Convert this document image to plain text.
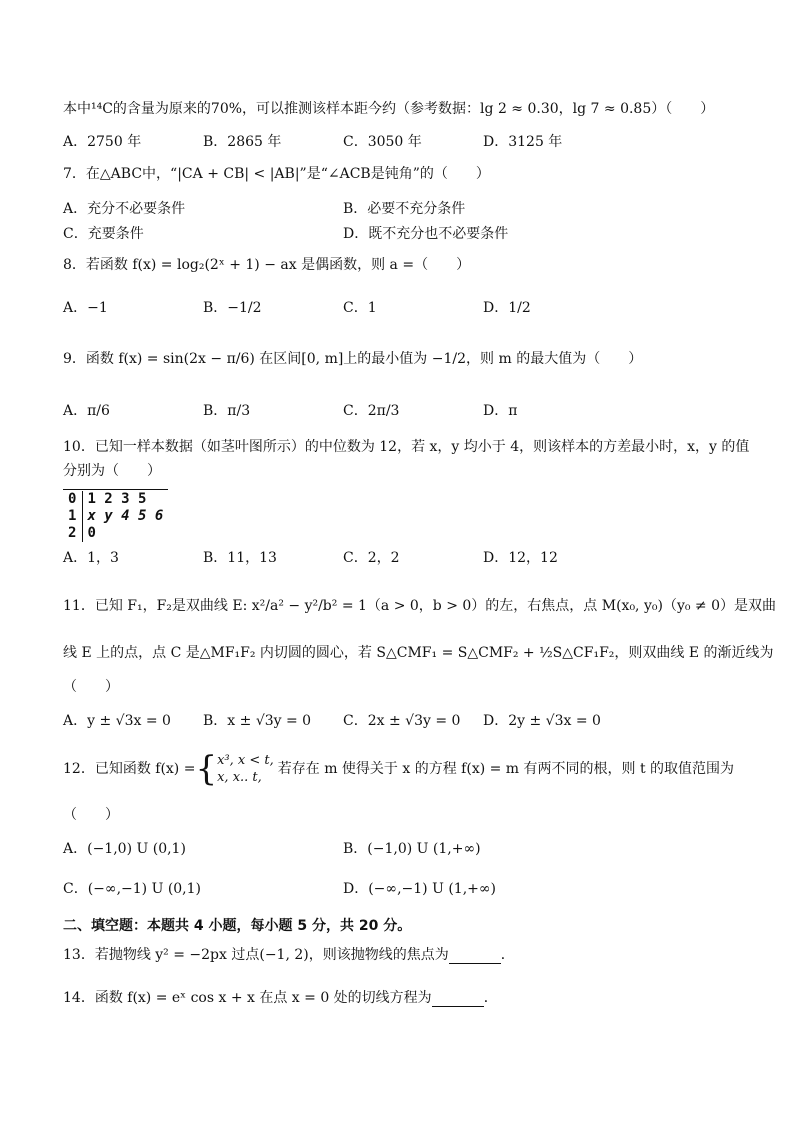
本中¹⁴C的含量为原来的70%，可以推测该样本距今约（参考数据：lg 2 ≈ 0.30，lg 7 ≈ 0.85）（　　）
A．2750 年	B．2865 年	C．3050 年	D．3125 年
7．在△ABC中，“|CA + CB| < |AB|”是“∠ACB是钝角”的（　　）
A．充分不必要条件	B．必要不充分条件
C．充要条件	D．既不充分也不必要条件
8．若函数 f(x) = log₂(2ˣ + 1) − ax 是偶函数，则 a =（　　）
A．−1	B．−1/2	C．1	D．1/2
9．函数 f(x) = sin(2x − π/6) 在区间[0, m]上的最小值为 −1/2，则 m 的最大值为（　　）
A．π/6	B．π/3	C．2π/3	D．π
10．已知一样本数据（如茎叶图所示）的中位数为 12，若 x，y 均小于 4，则该样本的方差最小时，x，y 的值
分别为（　　）
0	1 2 3 5
1	x y 4 5 6
2	0
A．1，3	B．11，13	C．2，2	D．12，12
11．已知 F₁，F₂是双曲线 E: x²/a² − y²/b² = 1（a > 0，b > 0）的左，右焦点，点 M(x₀, y₀)（y₀ ≠ 0）是双曲
线 E 上的点，点 C 是△MF₁F₂ 内切圆的圆心，若 S△CMF₁ = S△CMF₂ + ½S△CF₁F₂，则双曲线 E 的渐近线为
（　　）
A．y ± √3x = 0 B．x ± √3y = 0 C．2x ± √3y = 0 D．2y ± √3x = 0
12．已知函数 f(x) = { x³, x < t,
x, x.. t,
若存在 m 使得关于 x 的方程 f(x) = m 有两不同的根，则 t 的取值范围为
（　　）
A．(−1,0) U (0,1)	B．(−1,0) U (1,+∞)
C．(−∞,−1) U (0,1)	D．(−∞,−1) U (1,+∞)
二、填空题：本题共 4 小题，每小题 5 分，共 20 分。
13．若抛物线 y² = −2px 过点(−1, 2)，则该抛物线的焦点为	．
14．函数 f(x) = eˣ cos x + x 在点 x = 0 处的切线方程为	．
